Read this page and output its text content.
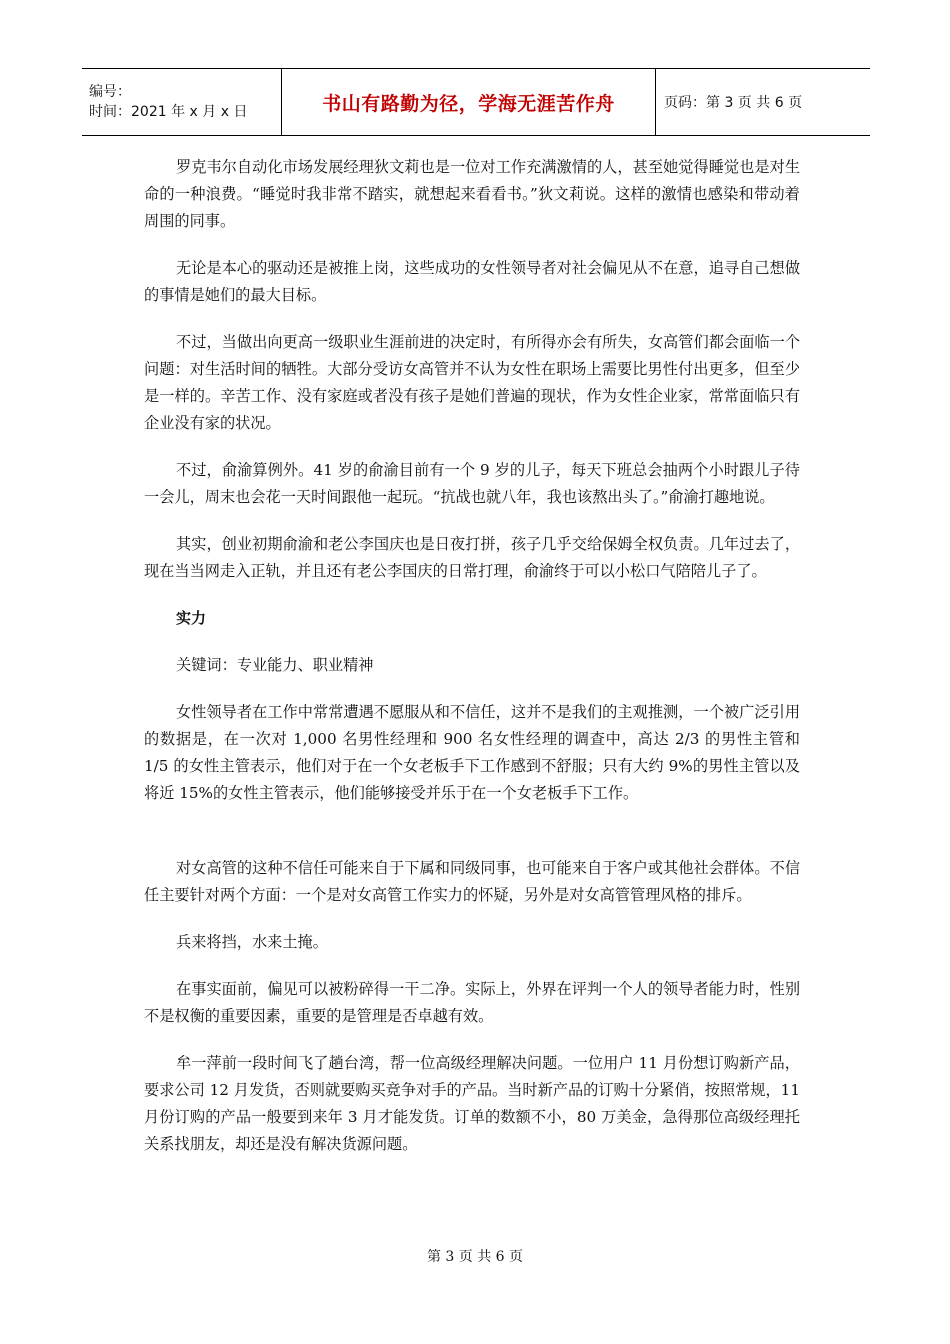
编号：
时间：2021 年 x 月 x 日	书山有路勤为径，学海无涯苦作舟	页码：第 3 页 共 6 页

罗克韦尔自动化市场发展经理狄文莉也是一位对工作充满激情的人，甚至她觉得睡觉也是对生命的一种浪费。“睡觉时我非常不踏实，就想起来看看书。”狄文莉说。这样的激情也感染和带动着周围的同事。

无论是本心的驱动还是被推上岗，这些成功的女性领导者对社会偏见从不在意，追寻自己想做的事情是她们的最大目标。

不过，当做出向更高一级职业生涯前进的决定时，有所得亦会有所失，女高管们都会面临一个问题：对生活时间的牺牲。大部分受访女高管并不认为女性在职场上需要比男性付出更多，但至少是一样的。辛苦工作、没有家庭或者没有孩子是她们普遍的现状，作为女性企业家，常常面临只有企业没有家的状况。

不过，俞渝算例外。41 岁的俞渝目前有一个 9 岁的儿子，每天下班总会抽两个小时跟儿子待一会儿，周末也会花一天时间跟他一起玩。“抗战也就八年，我也该熬出头了。”俞渝打趣地说。

其实，创业初期俞渝和老公李国庆也是日夜打拼，孩子几乎交给保姆全权负责。几年过去了，现在当当网走入正轨，并且还有老公李国庆的日常打理，俞渝终于可以小松口气陪陪儿子了。

实力

关键词：专业能力、职业精神

女性领导者在工作中常常遭遇不愿服从和不信任，这并不是我们的主观推测，一个被广泛引用的数据是，在一次对 1,000 名男性经理和 900 名女性经理的调查中，高达 2/3 的男性主管和 1/5 的女性主管表示，他们对于在一个女老板手下工作感到不舒服；只有大约 9%的男性主管以及将近 15%的女性主管表示，他们能够接受并乐于在一个女老板手下工作。

对女高管的这种不信任可能来自于下属和同级同事，也可能来自于客户或其他社会群体。不信任主要针对两个方面：一个是对女高管工作实力的怀疑，另外是对女高管管理风格的排斥。

兵来将挡，水来土掩。

在事实面前，偏见可以被粉碎得一干二净。实际上，外界在评判一个人的领导者能力时，性别不是权衡的重要因素，重要的是管理是否卓越有效。

牟一萍前一段时间飞了趟台湾，帮一位高级经理解决问题。一位用户 11 月份想订购新产品，要求公司 12 月发货，否则就要购买竞争对手的产品。当时新产品的订购十分紧俏，按照常规，11 月份订购的产品一般要到来年 3 月才能发货。订单的数额不小，80 万美金，急得那位高级经理托关系找朋友，却还是没有解决货源问题。

第 3 页 共 6 页
